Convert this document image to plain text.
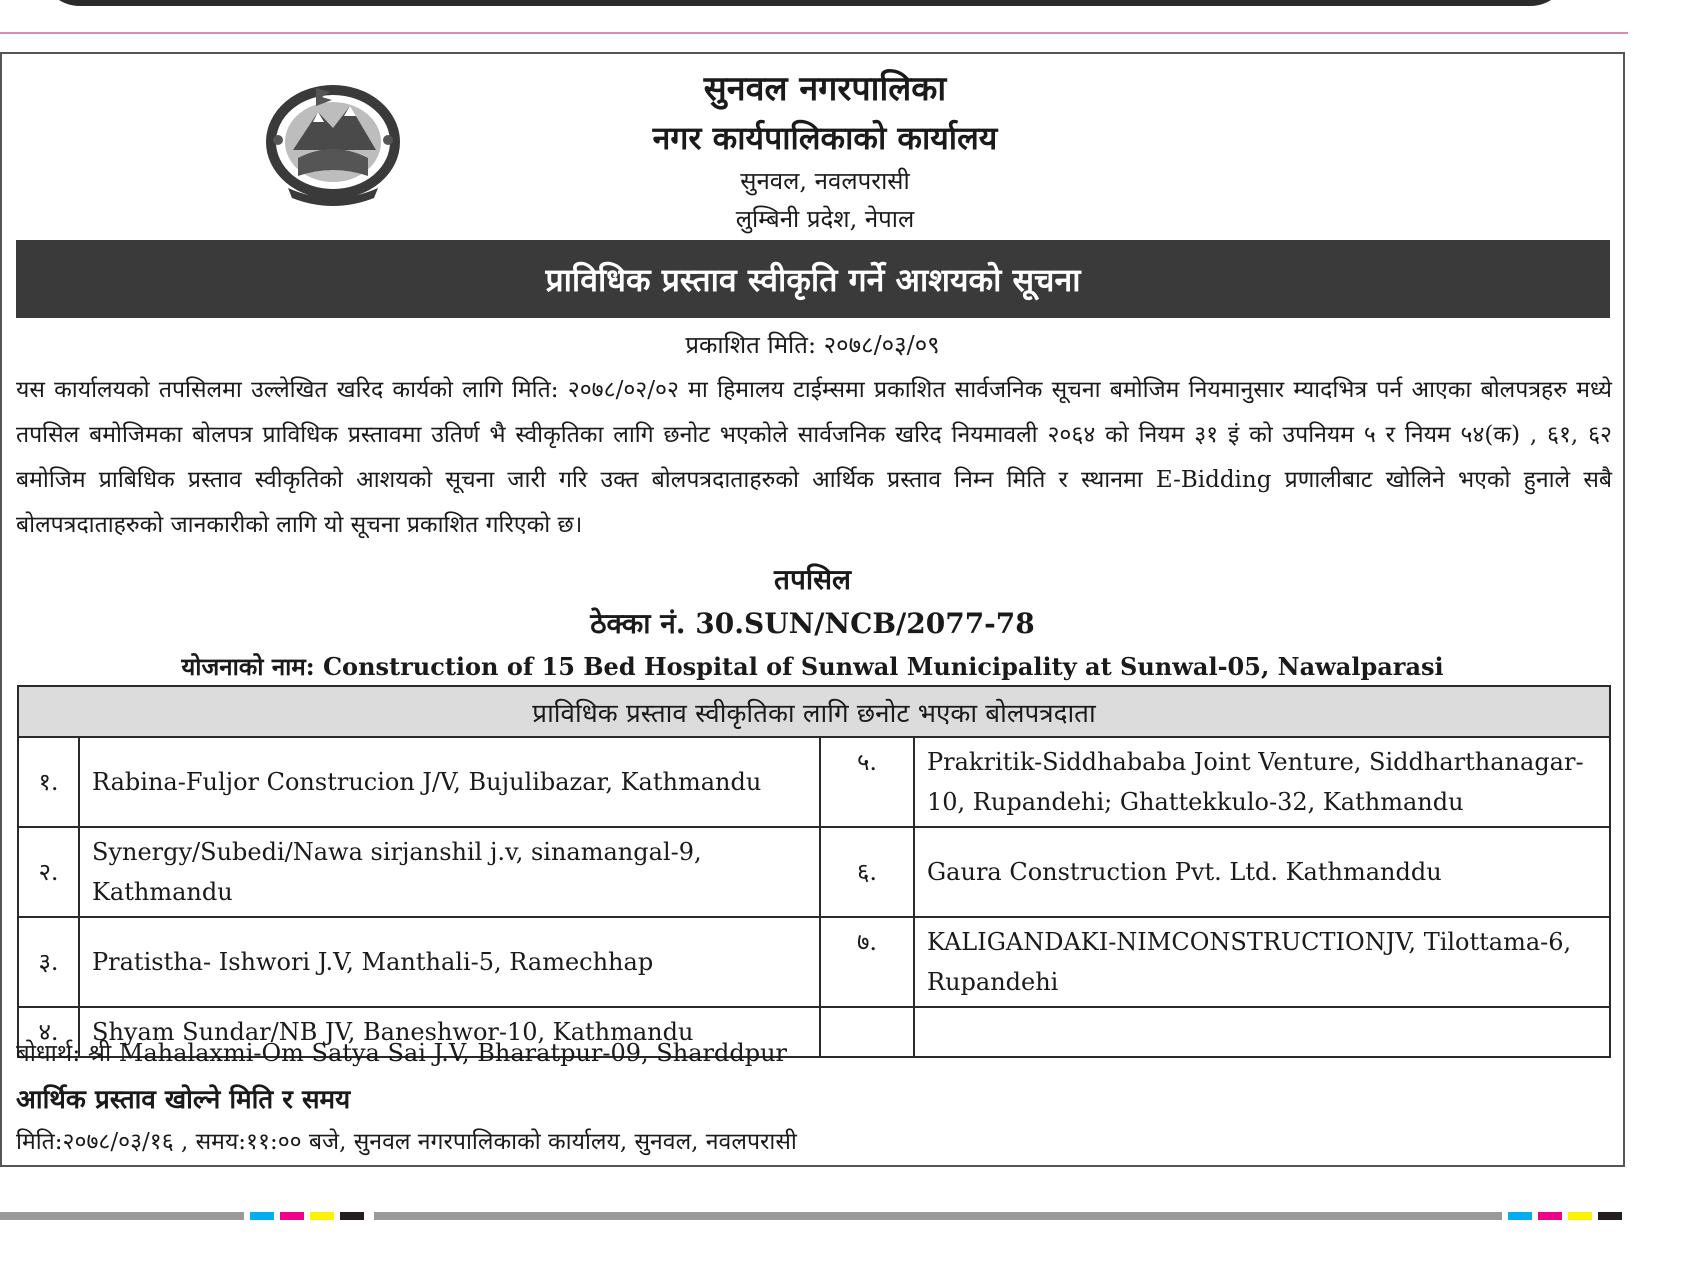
सुनवल नगरपालिका
नगर कार्यपालिकाको कार्यालय
सुनवल, नवलपरासी
लुम्बिनी प्रदेश, नेपाल
प्राविधिक प्रस्ताव स्वीकृति गर्ने आशयको सूचना
प्रकाशित मिति: २०७८/०३/०९

यस कार्यालयको तपसिलमा उल्लेखित खरिद कार्यको लागि मिति: २०७८/०२/०२ मा हिमालय टाईम्समा प्रकाशित सार्वजनिक सूचना बमोजिम नियमानुसार म्यादभित्र पर्न आएका बोलपत्रहरु मध्ये तपसिल बमोजिमका बोलपत्र प्राविधिक प्रस्तावमा उतिर्ण भै स्वीकृतिका लागि छनोट भएकोले सार्वजनिक खरिद नियमावली २०६४ को नियम ३१ इं को उपनियम ५ र नियम ५४(क) , ६१, ६२ बमोजिम प्राबिधिक प्रस्ताव स्वीकृतिको आशयको सूचना जारी गरि उक्त बोलपत्रदाताहरुको आर्थिक प्रस्ताव निम्न मिति र स्थानमा E-Bidding प्रणालीबाट खोलिने भएको हुनाले सबै बोलपत्रदाताहरुको जानकारीको लागि यो सूचना प्रकाशित गरिएको छ।

तपसिल
ठेक्का नं. 30.SUN/NCB/2077-78
योजनाको नाम: Construction of 15 Bed Hospital of Sunwal Municipality at Sunwal-05, Nawalparasi
प्राविधिक प्रस्ताव स्वीकृतिका लागि छनोट भएका बोलपत्रदाता			
१.	Rabina-Fuljor Construcion J/V, Bujulibazar, Kathmandu	५.	Prakritik-Siddhababa Joint Venture, Siddharthanagar-10, Rupandehi; Ghattekkulo-32, Kathmandu
२.	Synergy/Subedi/Nawa sirjanshil j.v, sinamangal-9, Kathmandu	६.	Gaura Construction Pvt. Ltd. Kathmanddu
३.	Pratistha- Ishwori J.V, Manthali-5, Ramechhap	७.	KALIGANDAKI-NIMCONSTRUCTIONJV, Tilottama-6, Rupandehi
४.	Shyam Sundar/NB JV, Baneshwor-10, Kathmandu		
बोधार्थ: श्री Mahalaxmi-Om Satya Sai J.V, Bharatpur-09, Sharddpur
आर्थिक प्रस्ताव खोल्ने मिति र समय
मिति:२०७८/०३/१६ , समय:११:०० बजे, सुनवल नगरपालिकाको कार्यालय, सुनवल, नवलपरासी
